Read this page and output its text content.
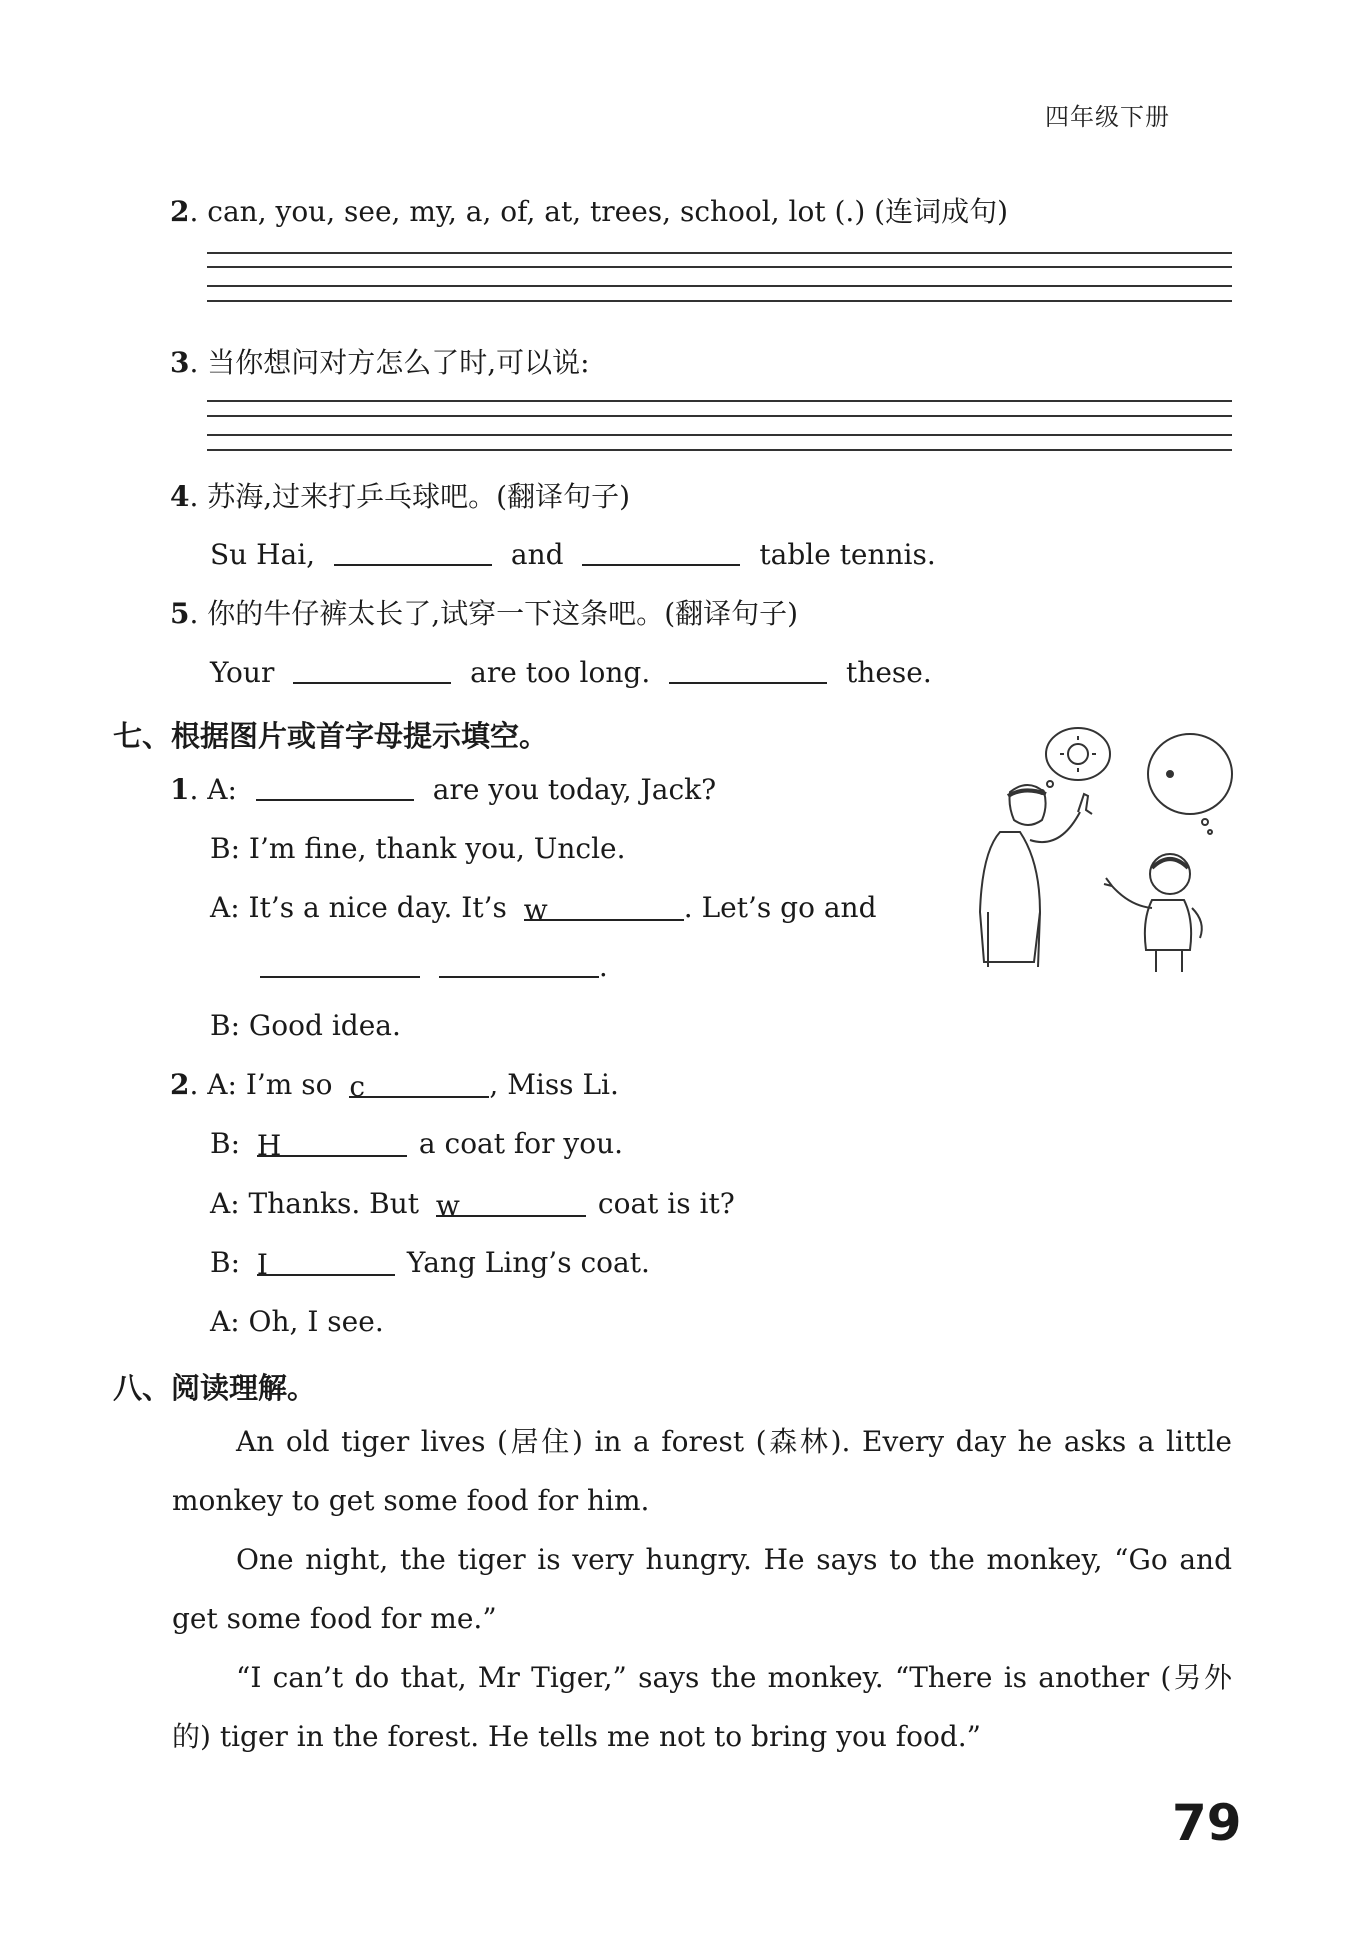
四年级下册
2. can, you, see, my, a, of, at, trees, school, lot (.) (连词成句)
3. 当你想问对方怎么了时,可以说:
4. 苏海,过来打乒乓球吧。(翻译句子)
Su Hai,	and	table tennis.
5. 你的牛仔裤太长了,试穿一下这条吧。(翻译句子)
Your	are too long.	these.
七、根据图片或首字母提示填空。
1. A:	are you today, Jack?
B: I’m fine, thank you, Uncle.
A: It’s a nice day. It’s w	. Let’s go and
.
B: Good idea.
2. A: I’m so c	, Miss Li.
B: H	a coat for you.
A: Thanks. But w	coat is it?
B: I	Yang Ling’s coat.
A: Oh, I see.
八、阅读理解。

An old tiger lives (居住) in a forest (森林). Every day he asks a little monkey to get some food for him.

One night, the tiger is very hungry. He says to the monkey, “Go and get some food for me.”

“I can’t do that, Mr Tiger,” says the monkey. “There is another (另外的) tiger in the forest. He tells me not to bring you food.”

79
